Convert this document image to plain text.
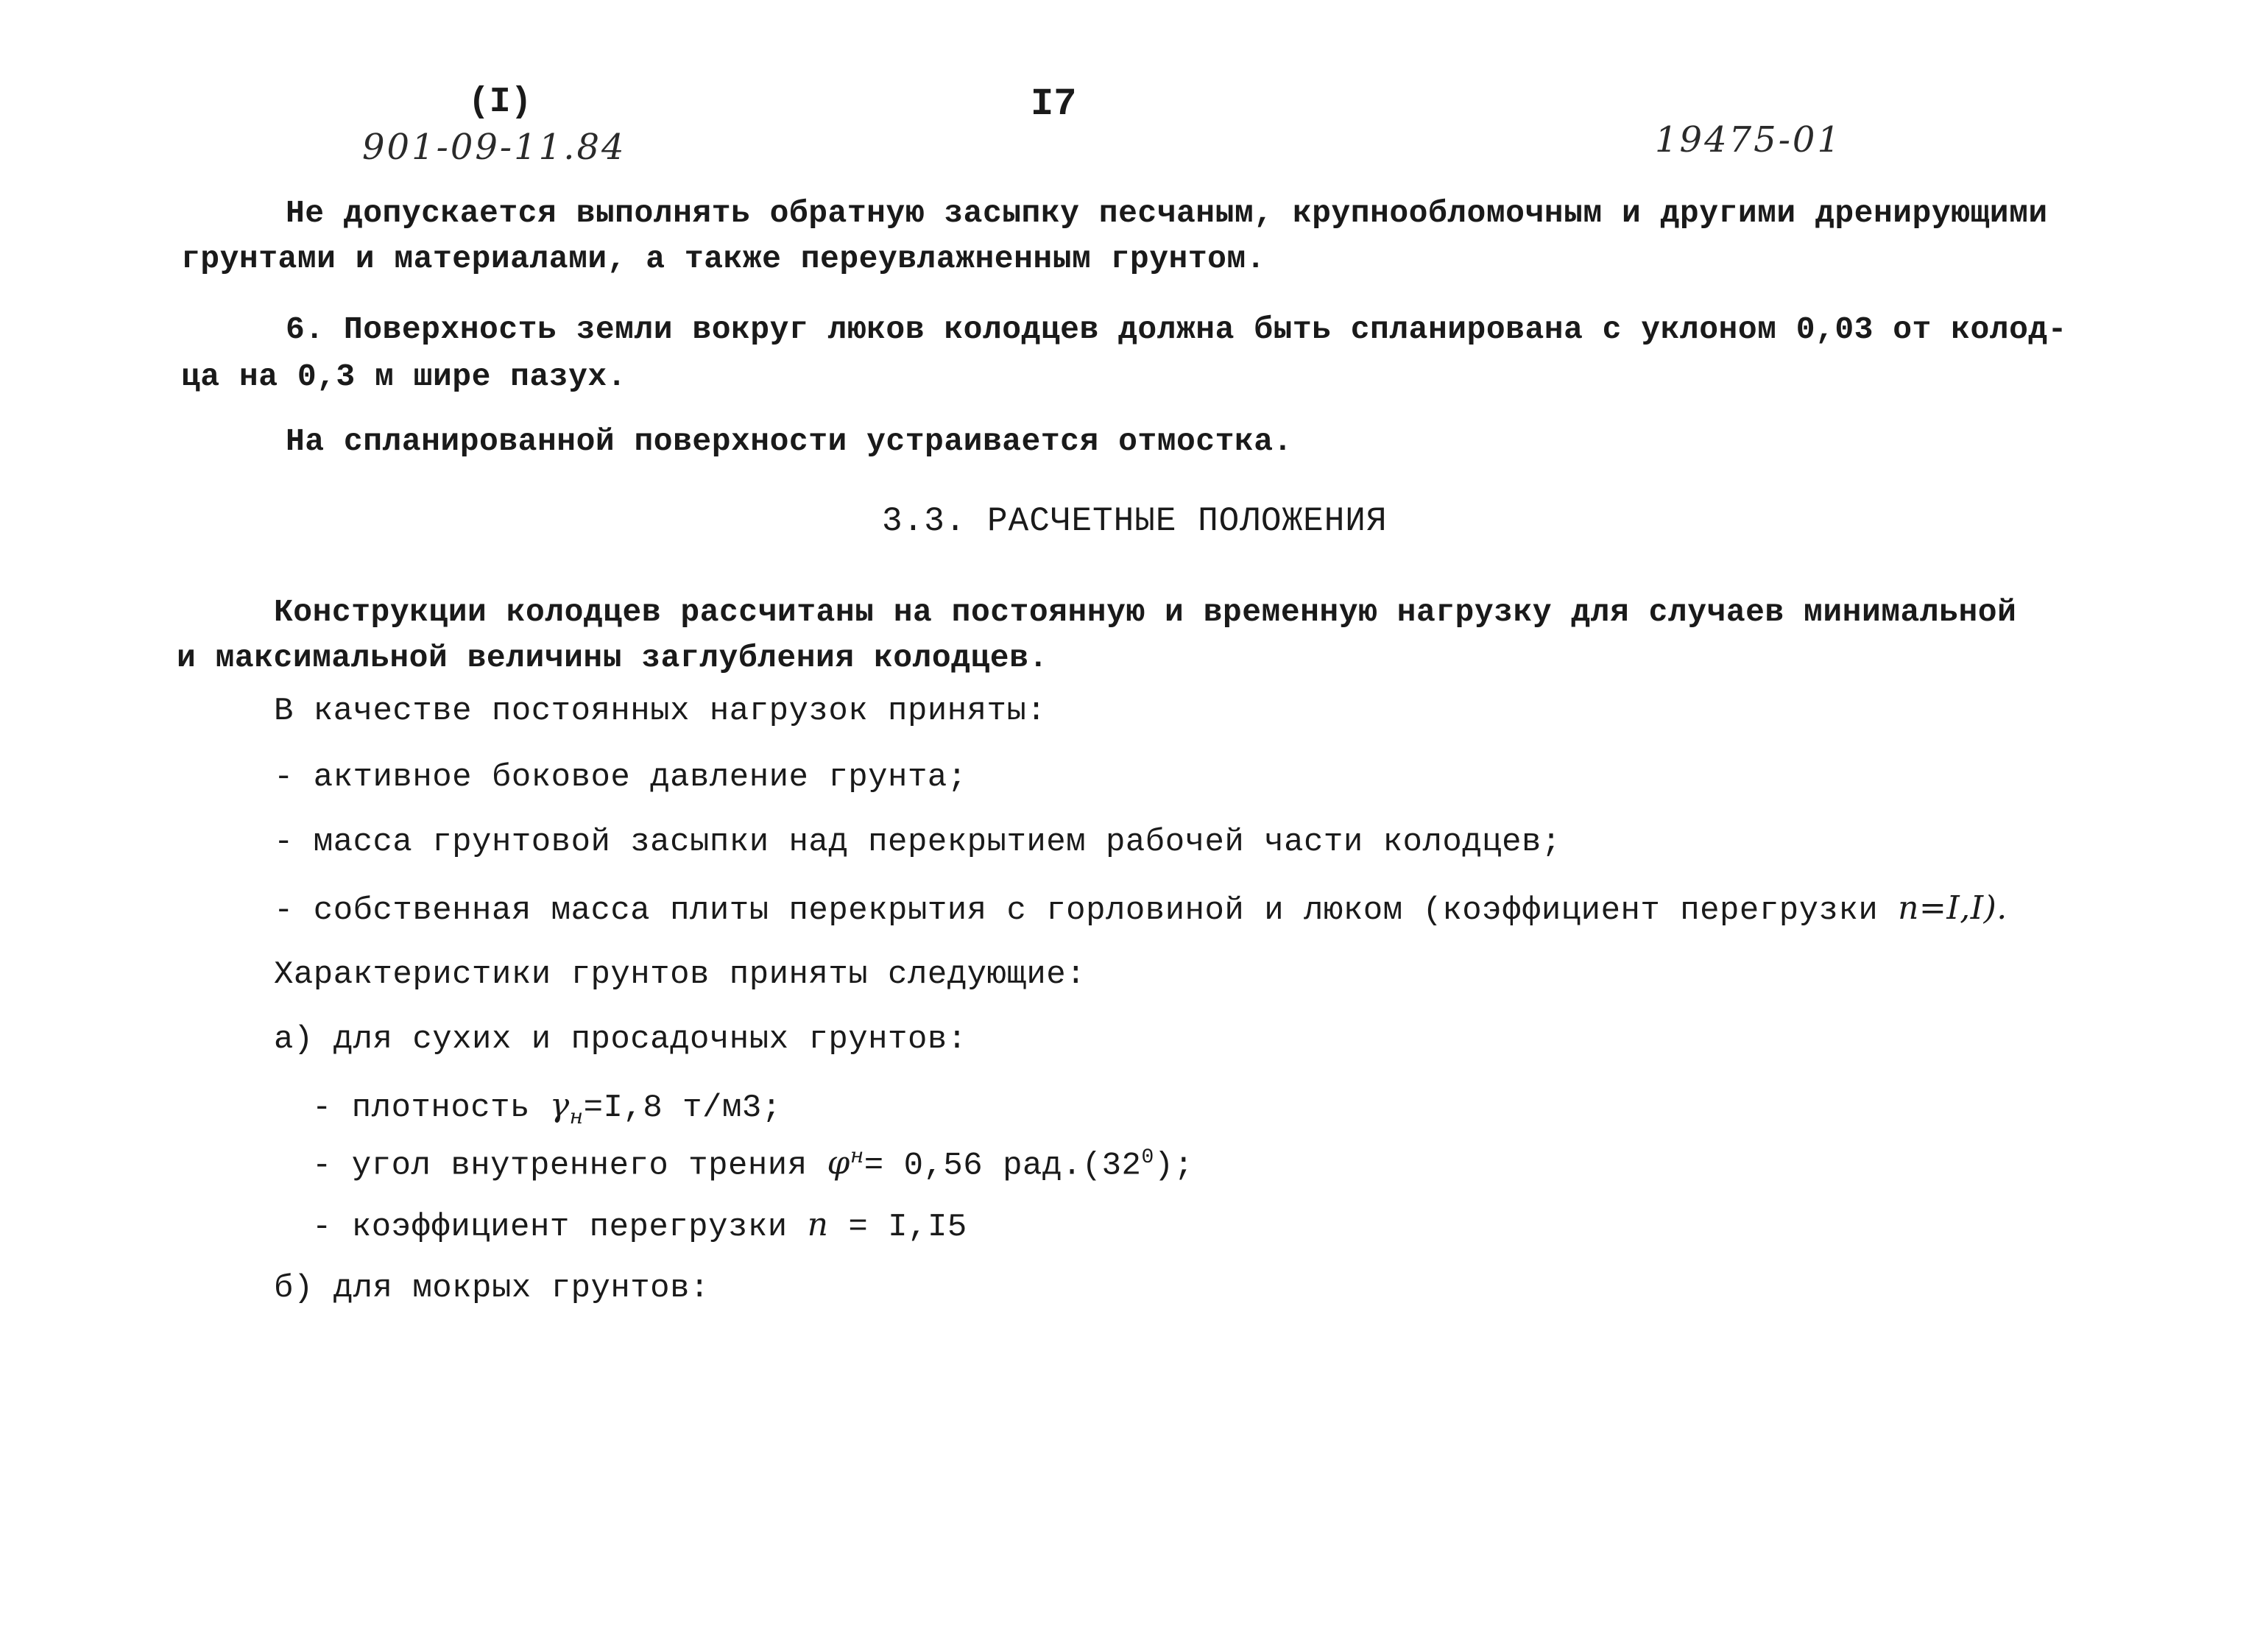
(I)	I7
901-09-11.84	19475-01
Не допускается выполнять обратную засыпку песчаным, крупнообломочным и другими дренирующими
грунтами и материалами, а также переувлажненным грунтом.
6. Поверхность земли вокруг люков колодцев должна быть спланирована с уклоном 0,03 от колод-
ца на 0,3 м шире пазух.
На спланированной поверхности устраивается отмостка.
3.3. РАСЧЕТНЫЕ ПОЛОЖЕНИЯ
Конструкции колодцев рассчитаны на постоянную и временную нагрузку для случаев минимальной
и максимальной величины заглубления колодцев.
В качестве постоянных нагрузок приняты:
- активное боковое давление грунта;
- масса грунтовой засыпки над перекрытием рабочей части колодцев;
- собственная масса плиты перекрытия с горловиной и люком (коэффициент перегрузки n=I,I).
Характеристики грунтов приняты следующие:
а) для сухих и просадочных грунтов:
- плотность $\gamma_н=I,8$ т/м3;
- угол внутреннего трения $\varphi^н= 0,56$ $рад.(32^0)$;
- коэффициент перегрузки n = I,I5
б) для мокрых грунтов:
